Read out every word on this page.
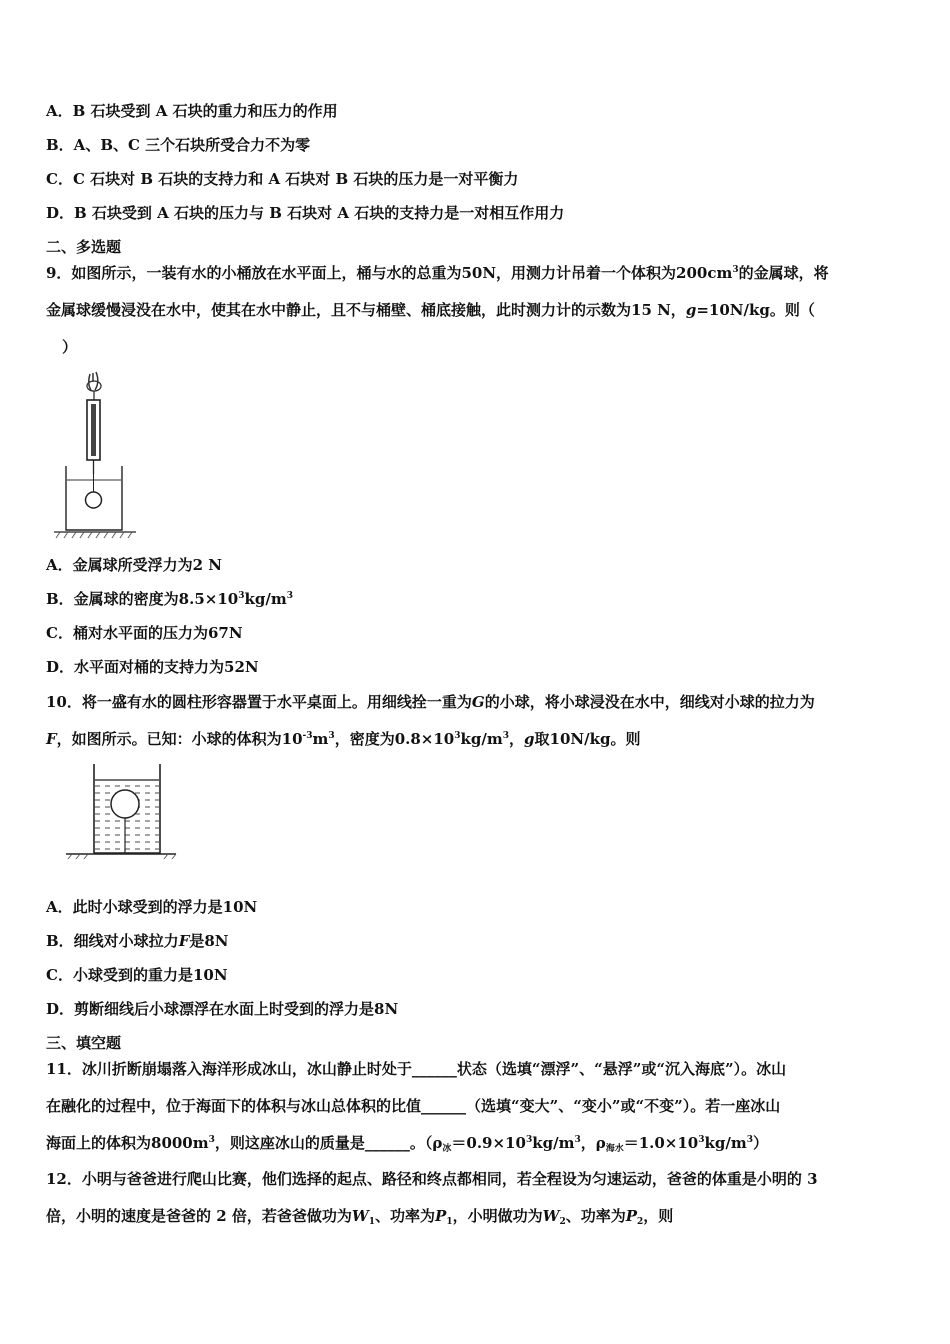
A．B 石块受到 A 石块的重力和压力的作用
B．A、B、C 三个石块所受合力不为零
C．C 石块对 B 石块的支持力和 A 石块对 B 石块的压力是一对平衡力
D．B 石块受到 A 石块的压力与 B 石块对 A 石块的支持力是一对相互作用力
二、多选题
9．如图所示，一装有水的小桶放在水平面上，桶与水的总重为50N，用测力计吊着一个体积为$200cm^3$的金属球，将
金属球缓慢浸没在水中，使其在水中静止，且不与桶壁、桶底接触，此时测力计的示数为15 N，g=10N/kg。则（
）
A．金属球所受浮力为2 N
B．金属球的密度为$8.5\times 10^3kg/m^3$
C．桶对水平面的压力为67N
D．水平面对桶的支持力为52N
10．将一盛有水的圆柱形容器置于水平桌面上。用细线拴一重为G的小球，将小球浸没在水中，细线对小球的拉力为
F，如图所示。已知：小球的体积为$10^{-3}m^3$，密度为$0.8\times 10^3kg/m^3$，g取10N/kg。则
A．此时小球受到的浮力是10N
B．细线对小球拉力F是8N
C．小球受到的重力是10N
D．剪断细线后小球漂浮在水面上时受到的浮力是8N
三、填空题
11．冰川折断崩塌落入海洋形成冰山，冰山静止时处于______状态（选填“漂浮”、“悬浮”或“沉入海底”）。冰山
在融化的过程中，位于海面下的体积与冰山总体积的比值______（选填“变大”、“变小”或“不变”）。若一座冰山
海面上的体积为$8000m^3$，则这座冰山的质量是______。（$\rho_冰=0.9\times 10^3kg/m^3$，$\rho_{海水}=1.0\times 10^3kg/m^3$）
12．小明与爸爸进行爬山比赛，他们选择的起点、路径和终点都相同，若全程设为匀速运动，爸爸的体重是小明的 3
倍，小明的速度是爸爸的 2 倍，若爸爸做功为$W_1$、功率为$P_1$，小明做功为$W_2$、功率为$P_2$，则
